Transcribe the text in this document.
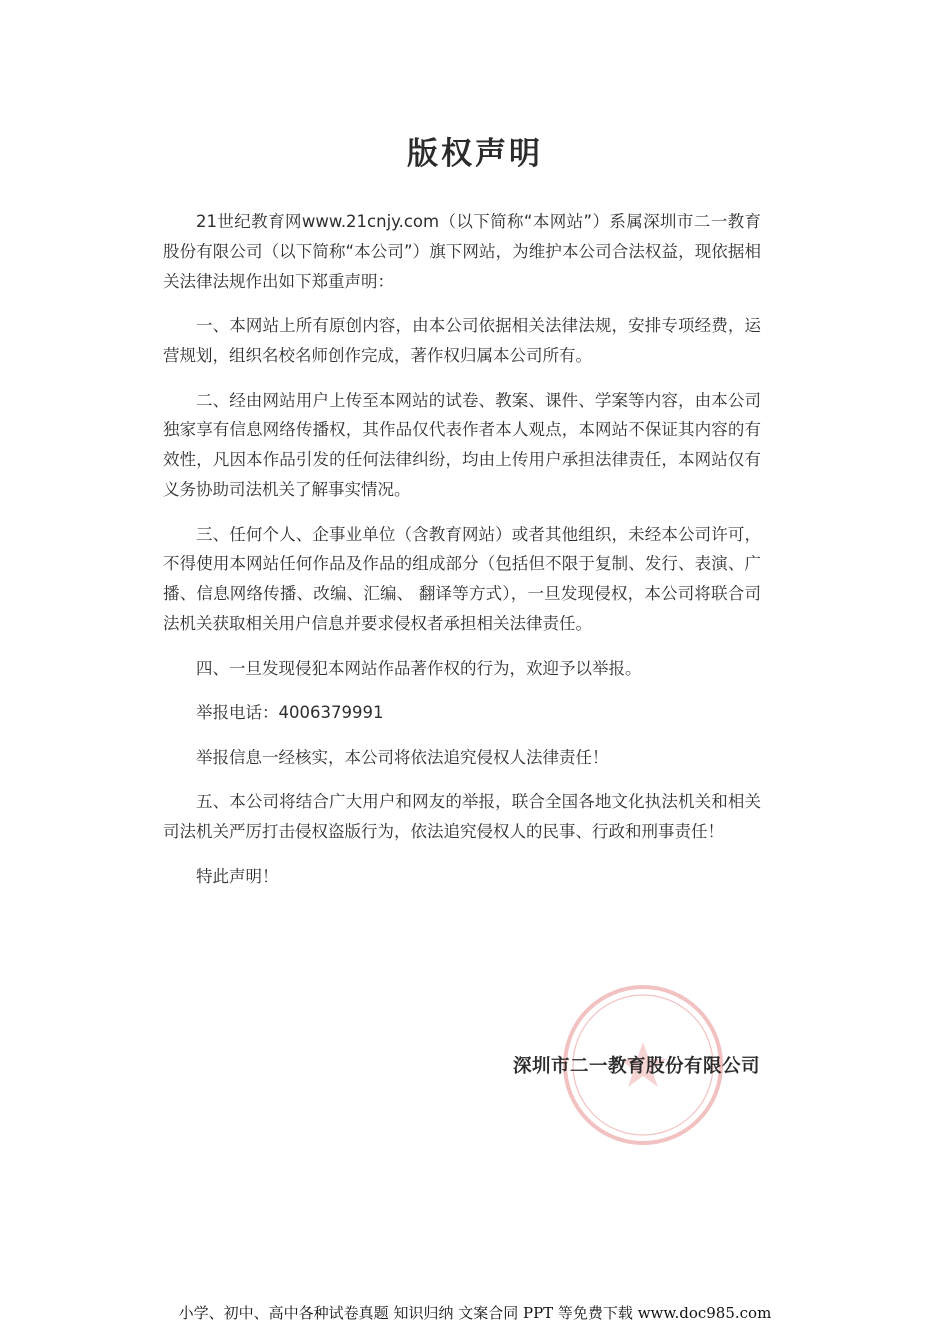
版权声明

21世纪教育网www.21cnjy.com（以下简称“本网站”）系属深圳市二一教育股份有限公司（以下简称“本公司”）旗下网站，为维护本公司合法权益，现依据相关法律法规作出如下郑重声明：

一、本网站上所有原创内容，由本公司依据相关法律法规，安排专项经费，运营规划，组织名校名师创作完成，著作权归属本公司所有。

二、经由网站用户上传至本网站的试卷、教案、课件、学案等内容，由本公司独家享有信息网络传播权，其作品仅代表作者本人观点，本网站不保证其内容的有效性，凡因本作品引发的任何法律纠纷，均由上传用户承担法律责任，本网站仅有义务协助司法机关了解事实情况。

三、任何个人、企事业单位（含教育网站）或者其他组织，未经本公司许可，不得使用本网站任何作品及作品的组成部分（包括但不限于复制、发行、表演、广播、信息网络传播、改编、汇编、 翻译等方式），一旦发现侵权，本公司将联合司法机关获取相关用户信息并要求侵权者承担相关法律责任。

四、一旦发现侵犯本网站作品著作权的行为，欢迎予以举报。

举报电话：4006379991

举报信息一经核实，本公司将依法追究侵权人法律责任！

五、本公司将结合广大用户和网友的举报，联合全国各地文化执法机关和相关司法机关严厉打击侵权盗版行为，依法追究侵权人的民事、行政和刑事责任！

特此声明！

深圳市二一教育股份有限公司
小学、初中、高中各种试卷真题 知识归纳 文案合同 PPT 等免费下载 www.doc985.com
